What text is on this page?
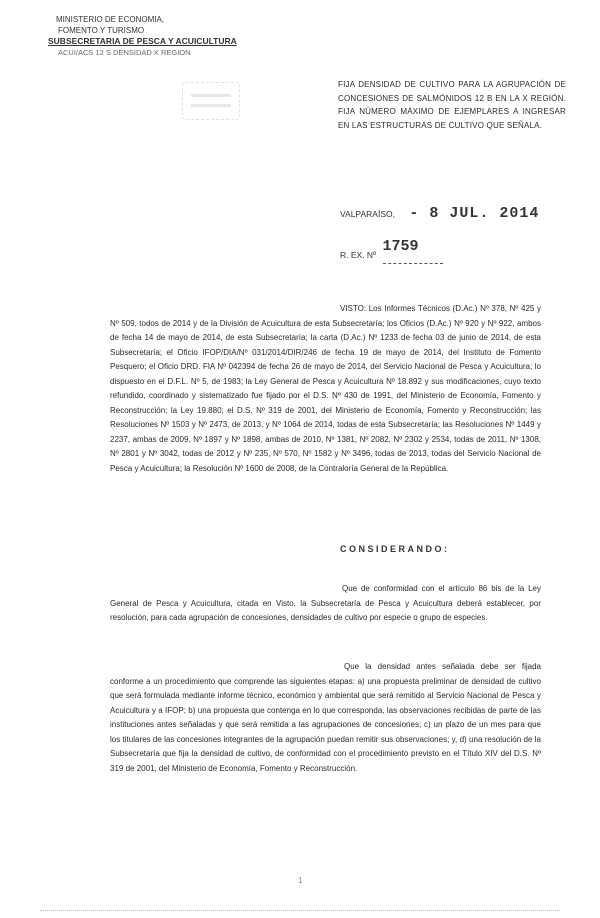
MINISTERIO DE ECONOMIA,
FOMENTO Y TURISMO
SUBSECRETARIA DE PESCA Y ACUICULTURA
ACUI/ACS 12 S DENSIDAD X REGION
FIJA DENSIDAD DE CULTIVO PARA LA AGRUPACIÓN DE CONCESIONES DE SALMÓNIDOS 12 B EN LA X REGIÓN. FIJA NÚMERO MÁXIMO DE EJEMPLARES A INGRESAR EN LAS ESTRUCTURAS DE CULTIVO QUE SEÑALA.
VALPARAÍSO, - 8 JUL. 2014
R. EX. Nº 1759
VISTO: Los Informes Técnicos (D.Ac.) Nº 378, Nº 425 y Nº 509, todos de 2014 y de la División de Acuicultura de esta Subsecretaría; los Oficios (D.Ac.) Nº 920 y Nº 922, ambos de fecha 14 de mayo de 2014, de esta Subsecretaría; la carta (D.Ac.) Nº 1233 de fecha 03 de junio de 2014, de esta Subsecretaría; el Oficio IFOP/DIA/Nº 031/2014/DIR/246 de fecha 19 de mayo de 2014, del Instituto de Fomento Pesquero; el Oficio DRD. FIA Nº 042394 de fecha 26 de mayo de 2014, del Servicio Nacional de Pesca y Acuicultura; lo dispuesto en el D.F.L. Nº 5, de 1983; la Ley General de Pesca y Acuicultura Nº 18.892 y sus modificaciones, cuyo texto refundido, coordinado y sistematizado fue fijado por el D.S. Nº 430 de 1991, del Ministerio de Economía, Fomento y Reconstrucción; la Ley 19.880; el D.S. Nº 319 de 2001, del Ministerio de Economía, Fomento y Reconstrucción; las Resoluciones Nº 1503 y Nº 2473, de 2013, y Nº 1064 de 2014, todas de esta Subsecretaría; las Resoluciones Nº 1449 y 2237, ambas de 2009, Nº 1897 y Nº 1898, ambas de 2010, Nº 1381, Nº 2082, Nº 2302 y 2534, todas de 2011, Nº 1308, Nº 2801 y Nº 3042, todas de 2012 y Nº 235, Nº 570, Nº 1582 y Nº 3496, todas de 2013, todas del Servicio Nacional de Pesca y Acuicultura; la Resolución Nº 1600 de 2008, de la Contraloría General de la República.
CONSIDERANDO:
Que de conformidad con el artículo 86 bis de la Ley General de Pesca y Acuicultura, citada en Visto, la Subsecretaría de Pesca y Acuicultura deberá establecer, por resolución, para cada agrupación de concesiones, densidades de cultivo por especie o grupo de especies.
Que la densidad antes señalada debe ser fijada conforme a un procedimiento que comprende las siguientes etapas: a) una propuesta preliminar de densidad de cultivo que será formulada mediante informe técnico, económico y ambiental que será remitido al Servicio Nacional de Pesca y Acuicultura y a IFOP; b) una propuesta que contenga en lo que corresponda, las observaciones recibidas de parte de las instituciones antes señaladas y que será remitida a las agrupaciones de concesiones; c) un plazo de un mes para que los titulares de las concesiones integrantes de la agrupación puedan remitir sus observaciones; y, d) una resolución de la Subsecretaría que fija la densidad de cultivo, de conformidad con el procedimiento previsto en el Título XIV del D.S. Nº 319 de 2001, del Ministerio de Economía, Fomento y Reconstrucción.
1
